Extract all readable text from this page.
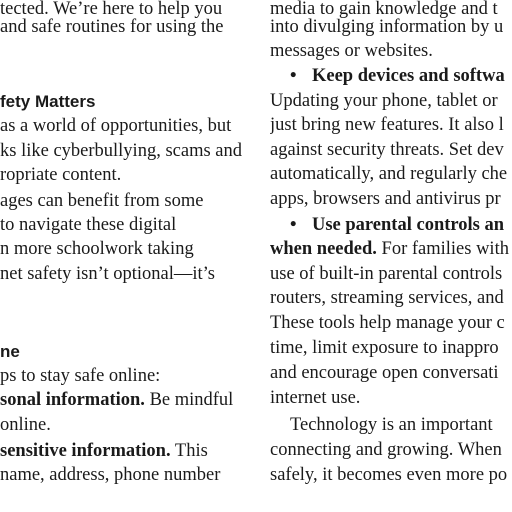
tected. We’re here to help you
and safe routines for using the
fety Matters
as a world of opportunities, but
ks like cyberbullying, scams and
ropriate content.
ages can benefit from some
to navigate these digital
n more schoolwork taking
net safety isn’t optional—it’s
ne
ps to stay safe online:
sonal information. Be mindful
online.
sensitive information. This
name, address, phone number
media to gain knowledge and t
into divulging information by u
messages or websites.
• Keep devices and softwa
Updating your phone, tablet or
just bring new features. It also l
against security threats. Set dev
automatically, and regularly che
apps, browsers and antivirus pr
• Use parental controls an
when needed. For families with
use of built-in parental controls
routers, streaming services, and
These tools help manage your c
time, limit exposure to inappro
and encourage open conversati
internet use.
Technology is an important
connecting and growing. When
safely, it becomes even more po
